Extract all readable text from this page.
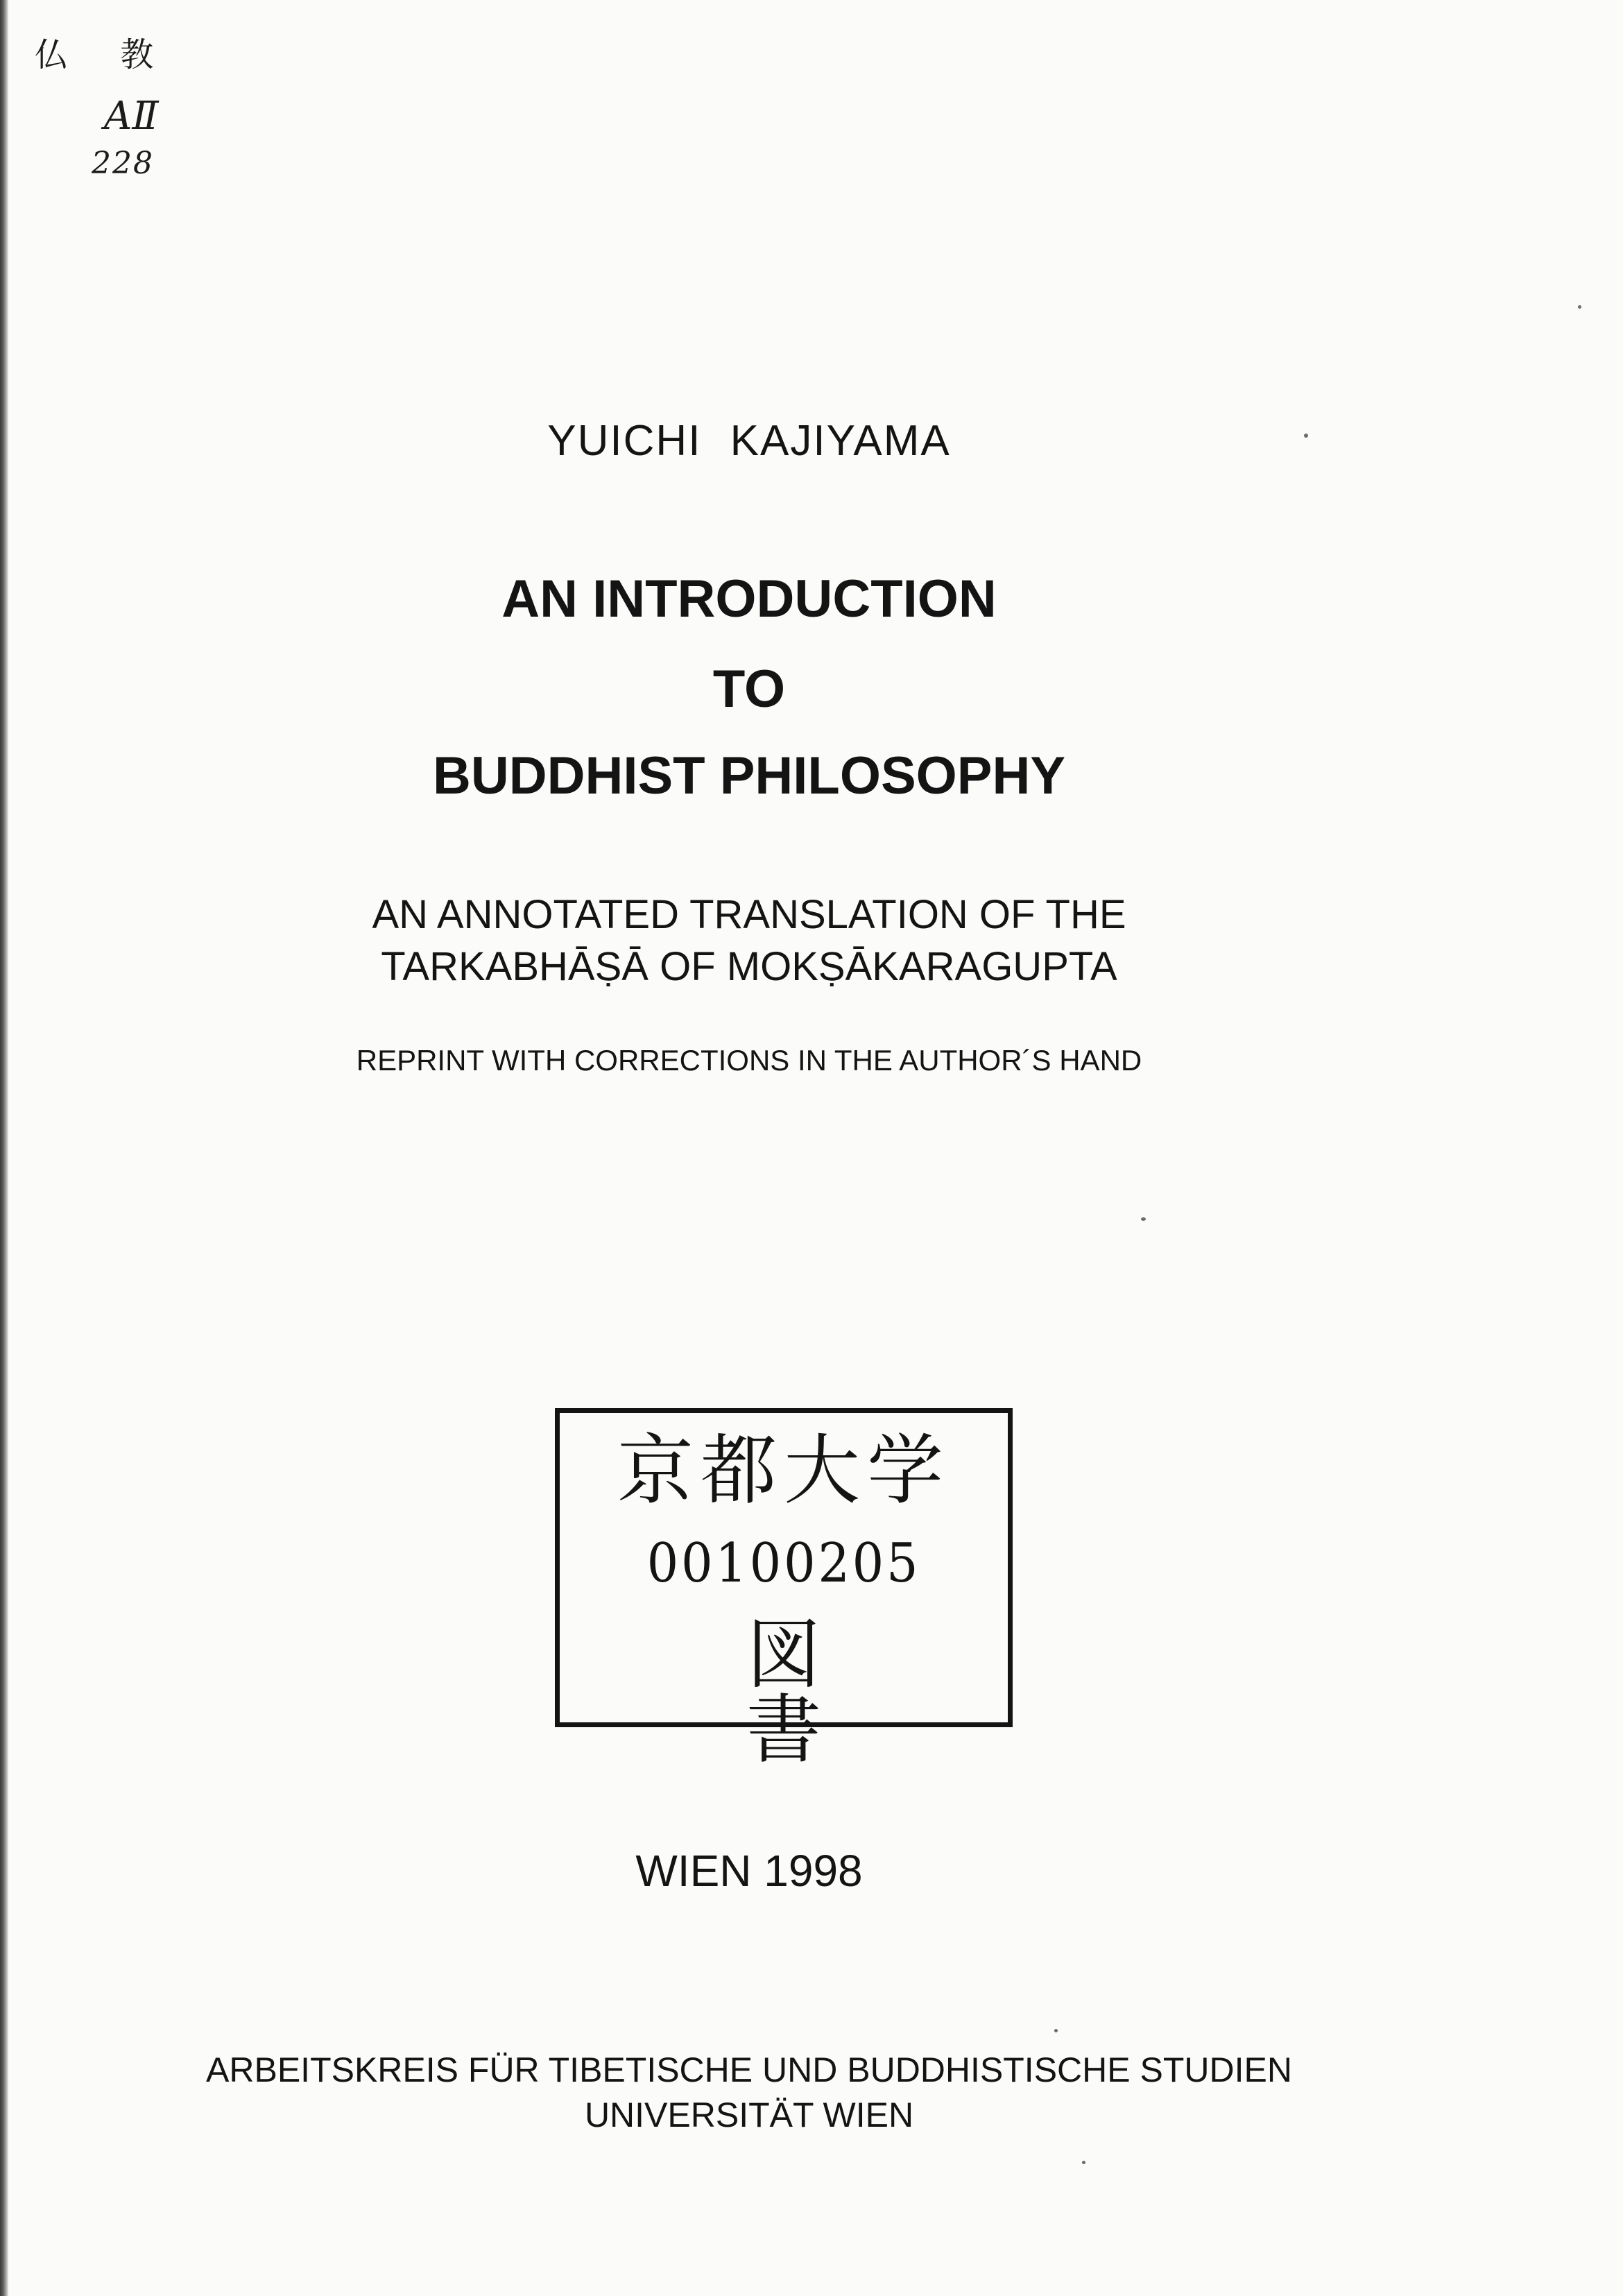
仏 教
AⅡ
228
YUICHI KAJIYAMA
AN INTRODUCTION
TO
BUDDHIST PHILOSOPHY
AN ANNOTATED TRANSLATION OF THE
TARKABHĀṢĀ OF MOKṢĀKARAGUPTA
REPRINT WITH CORRECTIONS IN THE AUTHOR´S HAND
京都大学
00100205
図 書
WIEN 1998
ARBEITSKREIS FÜR TIBETISCHE UND BUDDHISTISCHE STUDIEN
UNIVERSITÄT WIEN
